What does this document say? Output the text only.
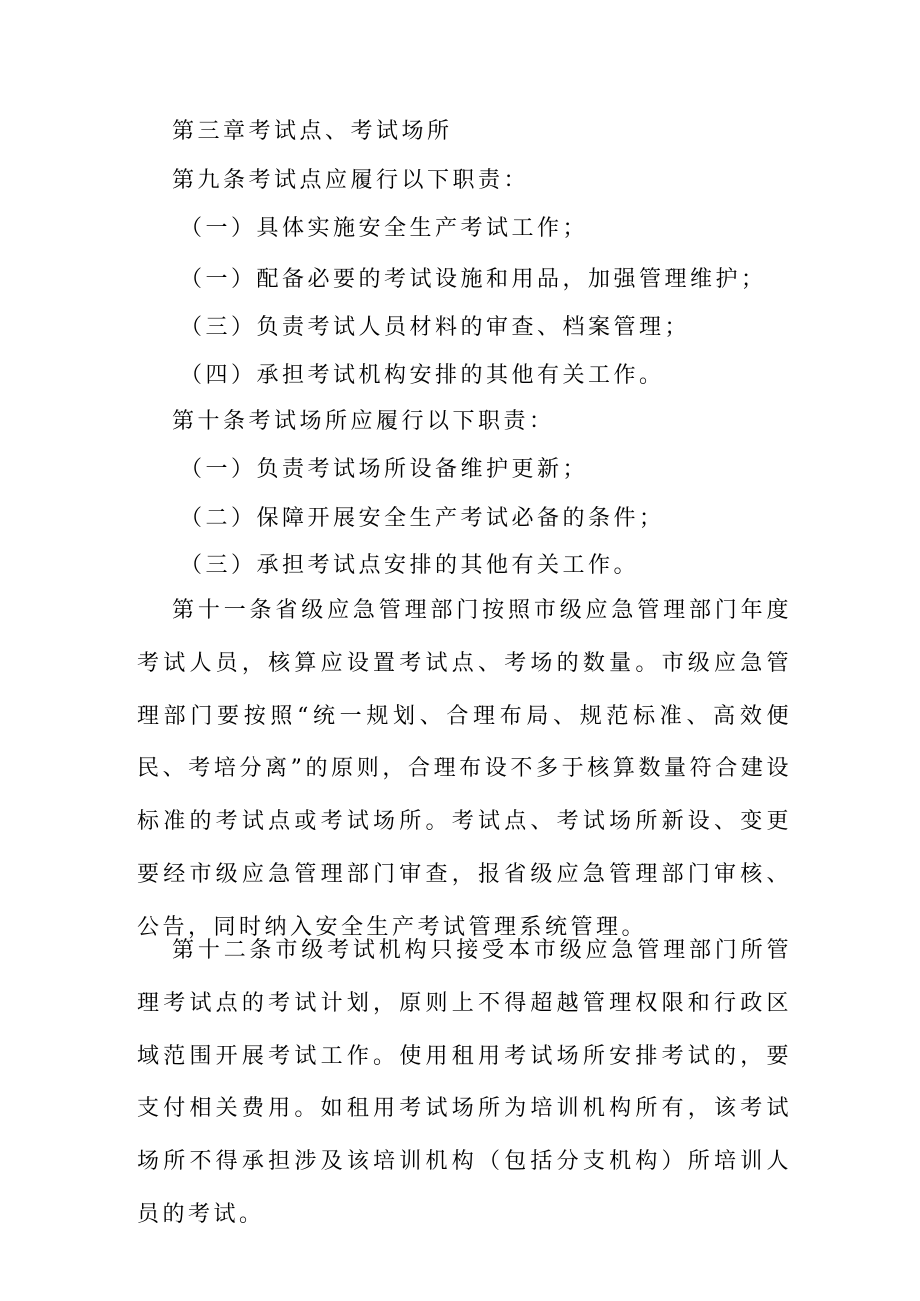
第三章考试点、考试场所
第九条考试点应履行以下职责：
（一）具体实施安全生产考试工作；
（一）配备必要的考试设施和用品，加强管理维护；
（三）负责考试人员材料的审查、档案管理；
（四）承担考试机构安排的其他有关工作。
第十条考试场所应履行以下职责：
（一）负责考试场所设备维护更新；
（二）保障开展安全生产考试必备的条件；
（三）承担考试点安排的其他有关工作。

第十一条省级应急管理部门按照市级应急管理部门年度考试人员，核算应设置考试点、考场的数量。市级应急管理部门要按照“统一规划、合理布局、规范标准、高效便民、考培分离”的原则，合理布设不多于核算数量符合建设标准的考试点或考试场所。考试点、考试场所新设、变更要经市级应急管理部门审查，报省级应急管理部门审核、公告，同时纳入安全生产考试管理系统管理。

第十二条市级考试机构只接受本市级应急管理部门所管理考试点的考试计划，原则上不得超越管理权限和行政区域范围开展考试工作。使用租用考试场所安排考试的，要支付相关费用。如租用考试场所为培训机构所有，该考试场所不得承担涉及该培训机构（包括分支机构）所培训人员的考试。
